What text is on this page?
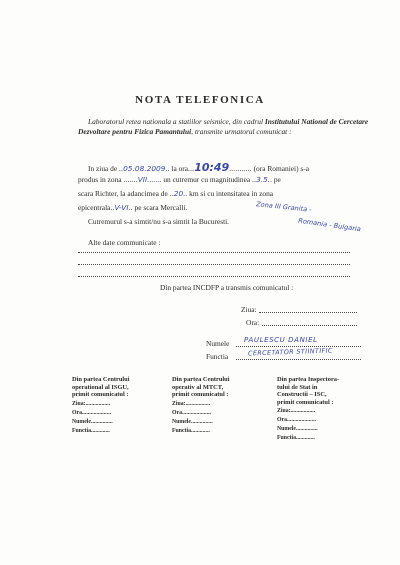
NOTA TELEFONICA
Laboratorul retea nationala a statiilor seismice, din cadrul Institutului National de Cercetare Dezvoltare pentru Fizica Pamantului, transmite urmatorul comunicat :
In ziua de ..05.08.2009.. la ora...10:49........... (ora Romaniei) s-a
produs in zona .......VII....... un cutremur cu magnitudinea ..3.5.. pe
scara Richter, la adancimea de ..20.. km si cu intensitatea in zona
epicentrala..V-VI.. pe scara Mercalli.	Zona III Granita -
Romania - Bulgaria
Cutremurul s-a simtit/nu s-a simtit la Bucuresti.
Alte date communicate :
Din partea INCDFP a transmis comunicatul :
Ziua:
Ora:
Numele PAULESCU DANIEL
Functia	CERCETATOR STIINTIFIC
Din partea Centrului
operational al ISGU,
primit comunicatul :
Ziua:.................
Ora....................
Numele...............
Functia.............
Din partea Centrului
operativ al MTCT,
primit comunicatul :
Ziua:.................
Ora....................
Numele...............
Functia.............
Din partea Inspectora-
tului de Stat in
Constructii – ISC,
primit comunicatul :
Ziua:.................
Ora....................
Numele...............
Functia.............
